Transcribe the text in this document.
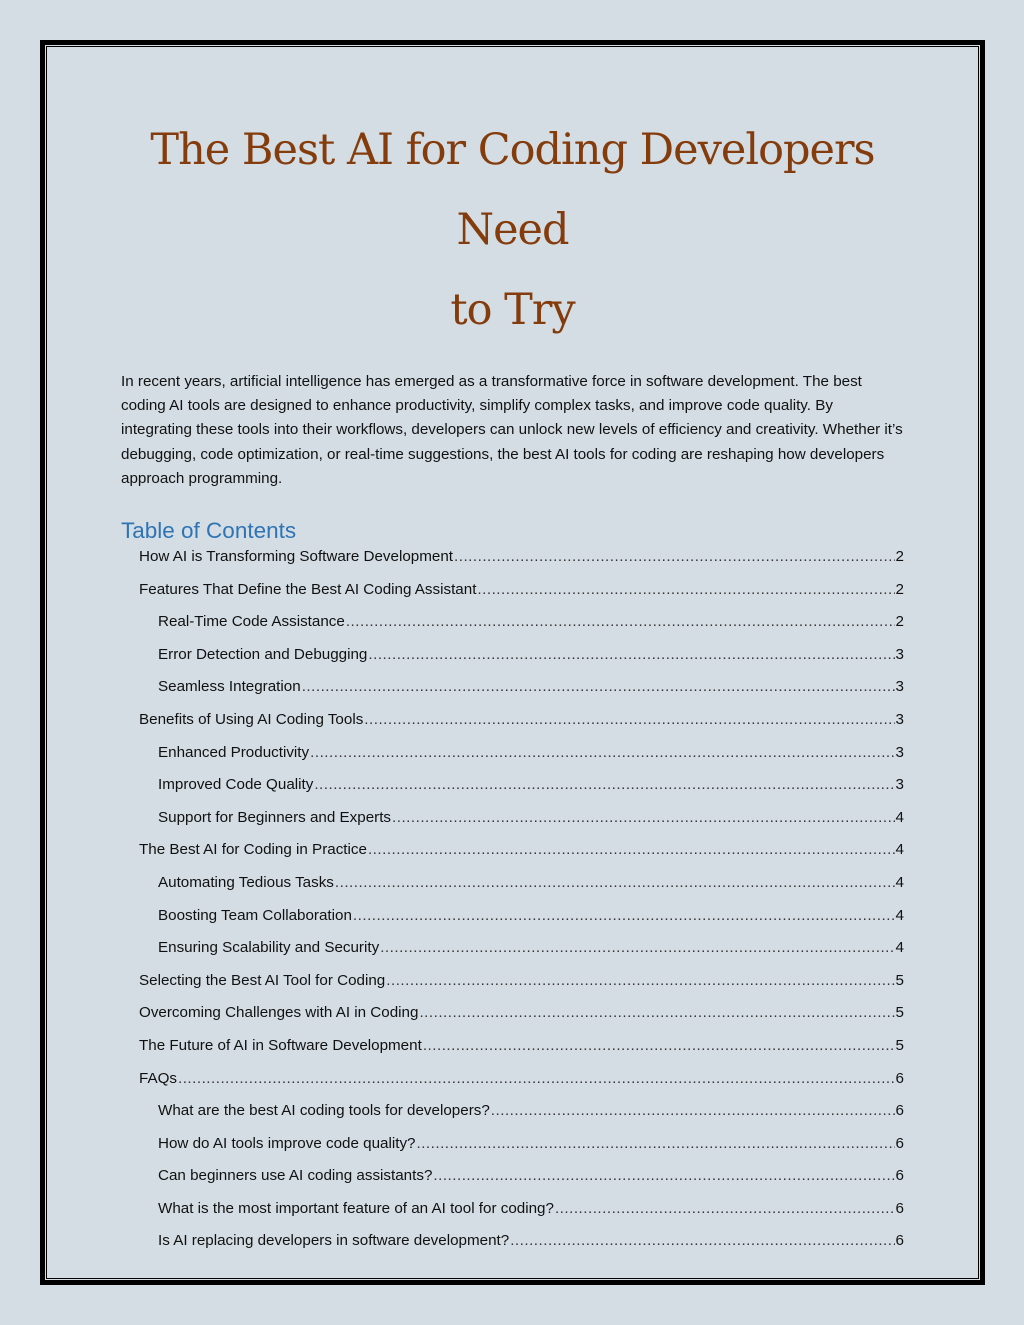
The Best AI for Coding Developers Need
to Try

In recent years, artificial intelligence has emerged as a transformative force in software development. The best coding AI tools are designed to enhance productivity, simplify complex tasks, and improve code quality. By integrating these tools into their workflows, developers can unlock new levels of efficiency and creativity. Whether it’s debugging, code optimization, or real-time suggestions, the best AI tools for coding are reshaping how developers approach programming.

Table of Contents
How AI is Transforming Software Development .....	2
Features That Define the Best AI Coding Assistant .....	2
Real-Time Code Assistance .....	2
Error Detection and Debugging .....	3
Seamless Integration .....	3
Benefits of Using AI Coding Tools .....	3
Enhanced Productivity .....	3
Improved Code Quality .....	3
Support for Beginners and Experts .....	4
The Best AI for Coding in Practice .....	4
Automating Tedious Tasks .....	4
Boosting Team Collaboration .....	4
Ensuring Scalability and Security .....	4
Selecting the Best AI Tool for Coding .....	5
Overcoming Challenges with AI in Coding .....	5
The Future of AI in Software Development .....	5
FAQs .....	6
What are the best AI coding tools for developers? .....	6
How do AI tools improve code quality? .....	6
Can beginners use AI coding assistants? .....	6
What is the most important feature of an AI tool for coding? .....	6
Is AI replacing developers in software development? .....	6
